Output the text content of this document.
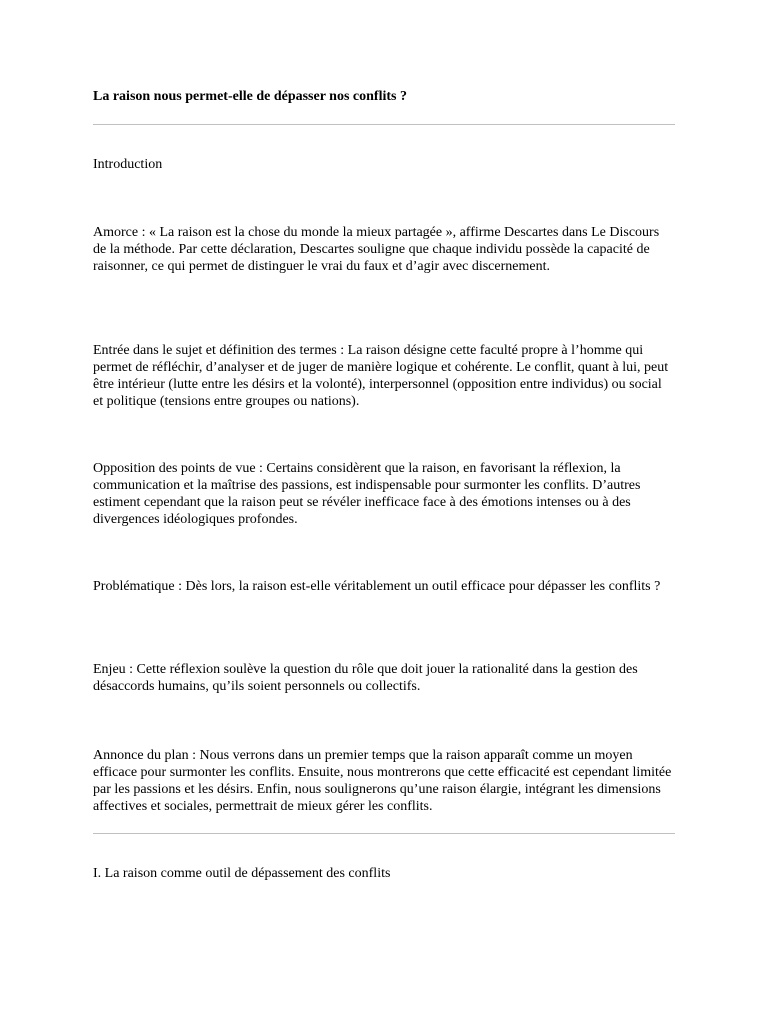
La raison nous permet-elle de dépasser nos conflits ?

Introduction

Amorce : « La raison est la chose du monde la mieux partagée », affirme Descartes dans Le Discours de la méthode. Par cette déclaration, Descartes souligne que chaque individu possède la capacité de raisonner, ce qui permet de distinguer le vrai du faux et d’agir avec discernement.

Entrée dans le sujet et définition des termes : La raison désigne cette faculté propre à l’homme qui permet de réfléchir, d’analyser et de juger de manière logique et cohérente. Le conflit, quant à lui, peut être intérieur (lutte entre les désirs et la volonté), interpersonnel (opposition entre individus) ou social et politique (tensions entre groupes ou nations).

Opposition des points de vue : Certains considèrent que la raison, en favorisant la réflexion, la communication et la maîtrise des passions, est indispensable pour surmonter les conflits. D’autres estiment cependant que la raison peut se révéler inefficace face à des émotions intenses ou à des divergences idéologiques profondes.

Problématique : Dès lors, la raison est-elle véritablement un outil efficace pour dépasser les conflits ?

Enjeu : Cette réflexion soulève la question du rôle que doit jouer la rationalité dans la gestion des désaccords humains, qu’ils soient personnels ou collectifs.

Annonce du plan : Nous verrons dans un premier temps que la raison apparaît comme un moyen efficace pour surmonter les conflits. Ensuite, nous montrerons que cette efficacité est cependant limitée par les passions et les désirs. Enfin, nous soulignerons qu’une raison élargie, intégrant les dimensions affectives et sociales, permettrait de mieux gérer les conflits.

I. La raison comme outil de dépassement des conflits
